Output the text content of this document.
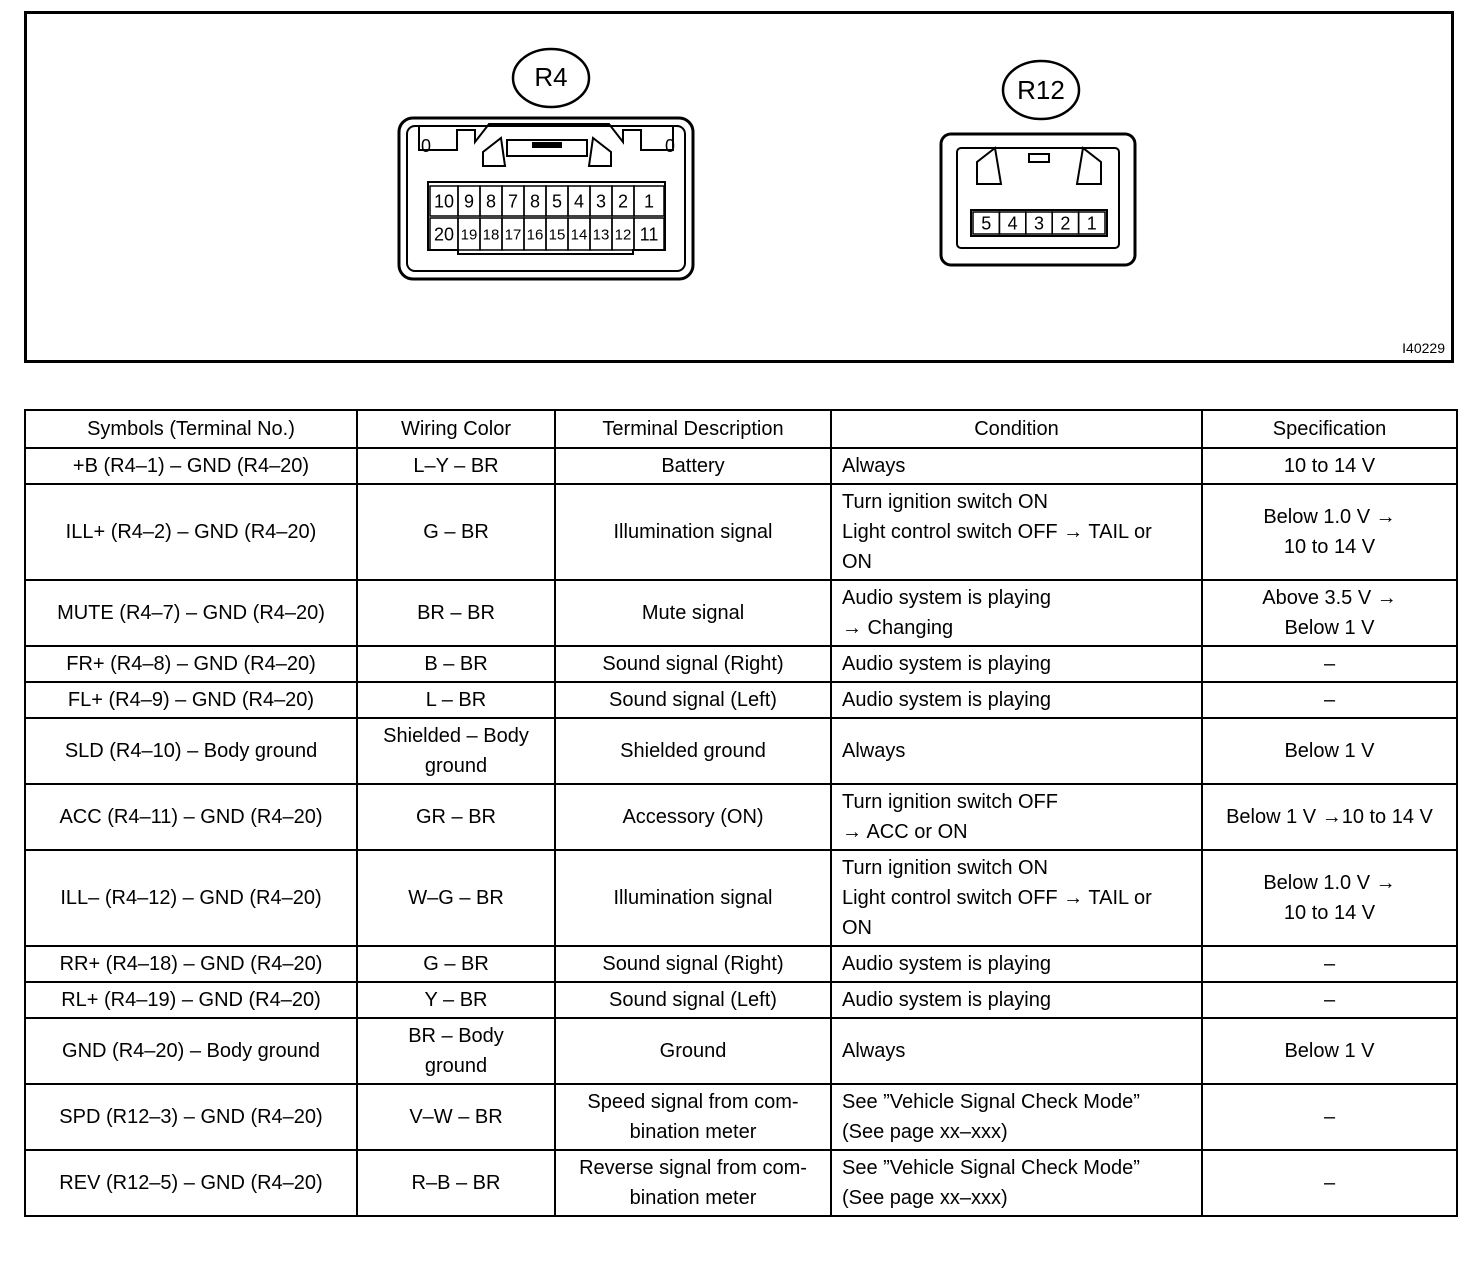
R4
0	0
10
20
9
19
8
18
7
17
8
16
5
15
4
14
3
13
2
12
1
11
R12
5 4 3 2 1
I40229
Symbols (Terminal No.)	Wiring Color	Terminal Description	Condition	Specification
+B (R4–1) – GND (R4–20)	L–Y – BR	Battery	Always	10 to 14 V
ILL+ (R4–2) – GND (R4–20)	G – BR	Illumination signal	Turn ignition switch ON
Light control switch OFF → TAIL or
ON	Below 1.0 V →
10 to 14 V
MUTE (R4–7) – GND (R4–20)	BR – BR	Mute signal	Audio system is playing
→ Changing	Above 3.5 V →
Below 1 V
FR+ (R4–8) – GND (R4–20)	B – BR	Sound signal (Right)	Audio system is playing	–
FL+ (R4–9) – GND (R4–20)	L – BR	Sound signal (Left)	Audio system is playing	–
SLD (R4–10) – Body ground	Shielded – Body
ground	Shielded ground	Always	Below 1 V
ACC (R4–11) – GND (R4–20)	GR – BR	Accessory (ON)	Turn ignition switch OFF
→ ACC or ON	Below 1 V →10 to 14 V
ILL– (R4–12) – GND (R4–20)	W–G – BR	Illumination signal	Turn ignition switch ON
Light control switch OFF → TAIL or
ON	Below 1.0 V →
10 to 14 V
RR+ (R4–18) – GND (R4–20)	G – BR	Sound signal (Right)	Audio system is playing	–
RL+ (R4–19) – GND (R4–20)	Y – BR	Sound signal (Left)	Audio system is playing	–
GND (R4–20) – Body ground	BR – Body
ground	Ground	Always	Below 1 V
SPD (R12–3) – GND (R4–20)	V–W – BR	Speed signal from com-
bination meter	See ”Vehicle Signal Check Mode”
(See page xx–xxx)	–
REV (R12–5) – GND (R4–20)	R–B – BR	Reverse signal from com-
bination meter	See ”Vehicle Signal Check Mode”
(See page xx–xxx)	–
